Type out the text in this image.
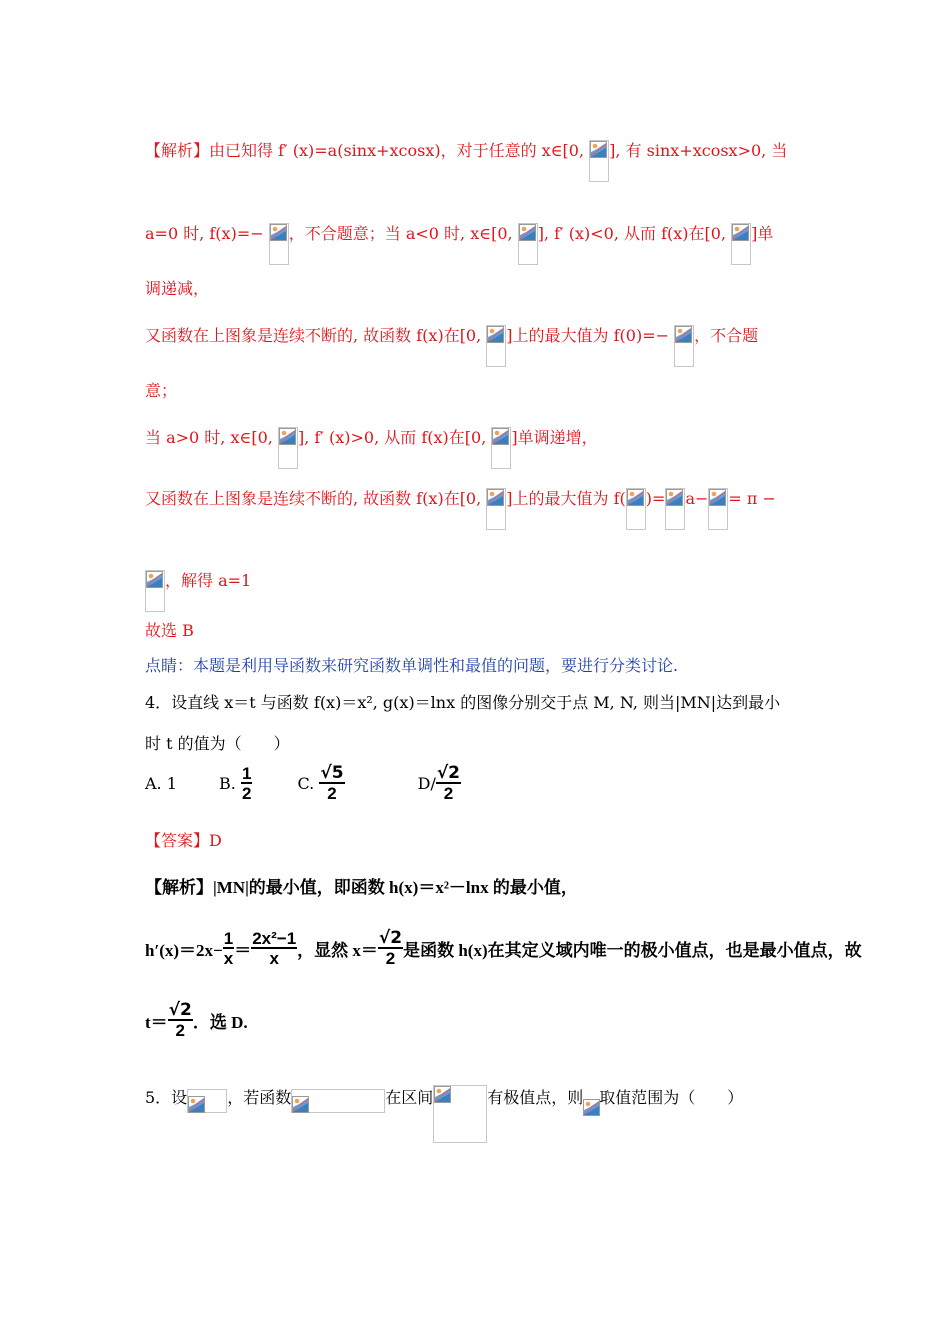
【解析】由已知得 f′ (x)=a(sinx+xcosx)，对于任意的 x∈[0, ], 有 sinx+xcosx>0, 当
a=0 时, f(x)=− ，不合题意；当 a<0 时, x∈[0, ], f′ (x)<0, 从而 f(x)在[0, ]单
调递减，
又函数在上图象是连续不断的, 故函数 f(x)在[0, ]上的最大值为 f(0)=− ，不合题
意；
当 a>0 时, x∈[0, ], f′ (x)>0, 从而 f(x)在[0, ]单调递增，
又函数在上图象是连续不断的, 故函数 f(x)在[0, ]上的最大值为 f( )= a− = π −
，解得 a=1
故选 B
点睛：本题是利用导函数来研究函数单调性和最值的问题，要进行分类讨论.
4．设直线 x＝t 与函数 f(x)＝x², g(x)＝lnx 的图像分别交于点 M, N, 则当|MN|达到最小
时 t 的值为（　　）
A. 1	B. $\frac{1}{2}$	C. $\frac{√5}{2}$	$D/ \frac{√2}{2}$
【答案】D
【解析】|MN|的最小值，即函数 h(x)＝x²－lnx 的最小值，
$h'(x)=2x- \frac{1}{x} = \frac{\text{2x²−1}}{x}$ ，显然 $x= \frac{√2}{2}$ 是函数 h(x)在其定义域内唯一的极小值点，也是最小值点，故
$t= \frac{√2}{2}$ ．选 D.
5．设	，若函数	在区间	有极值点，则 取值范围为（　　）
